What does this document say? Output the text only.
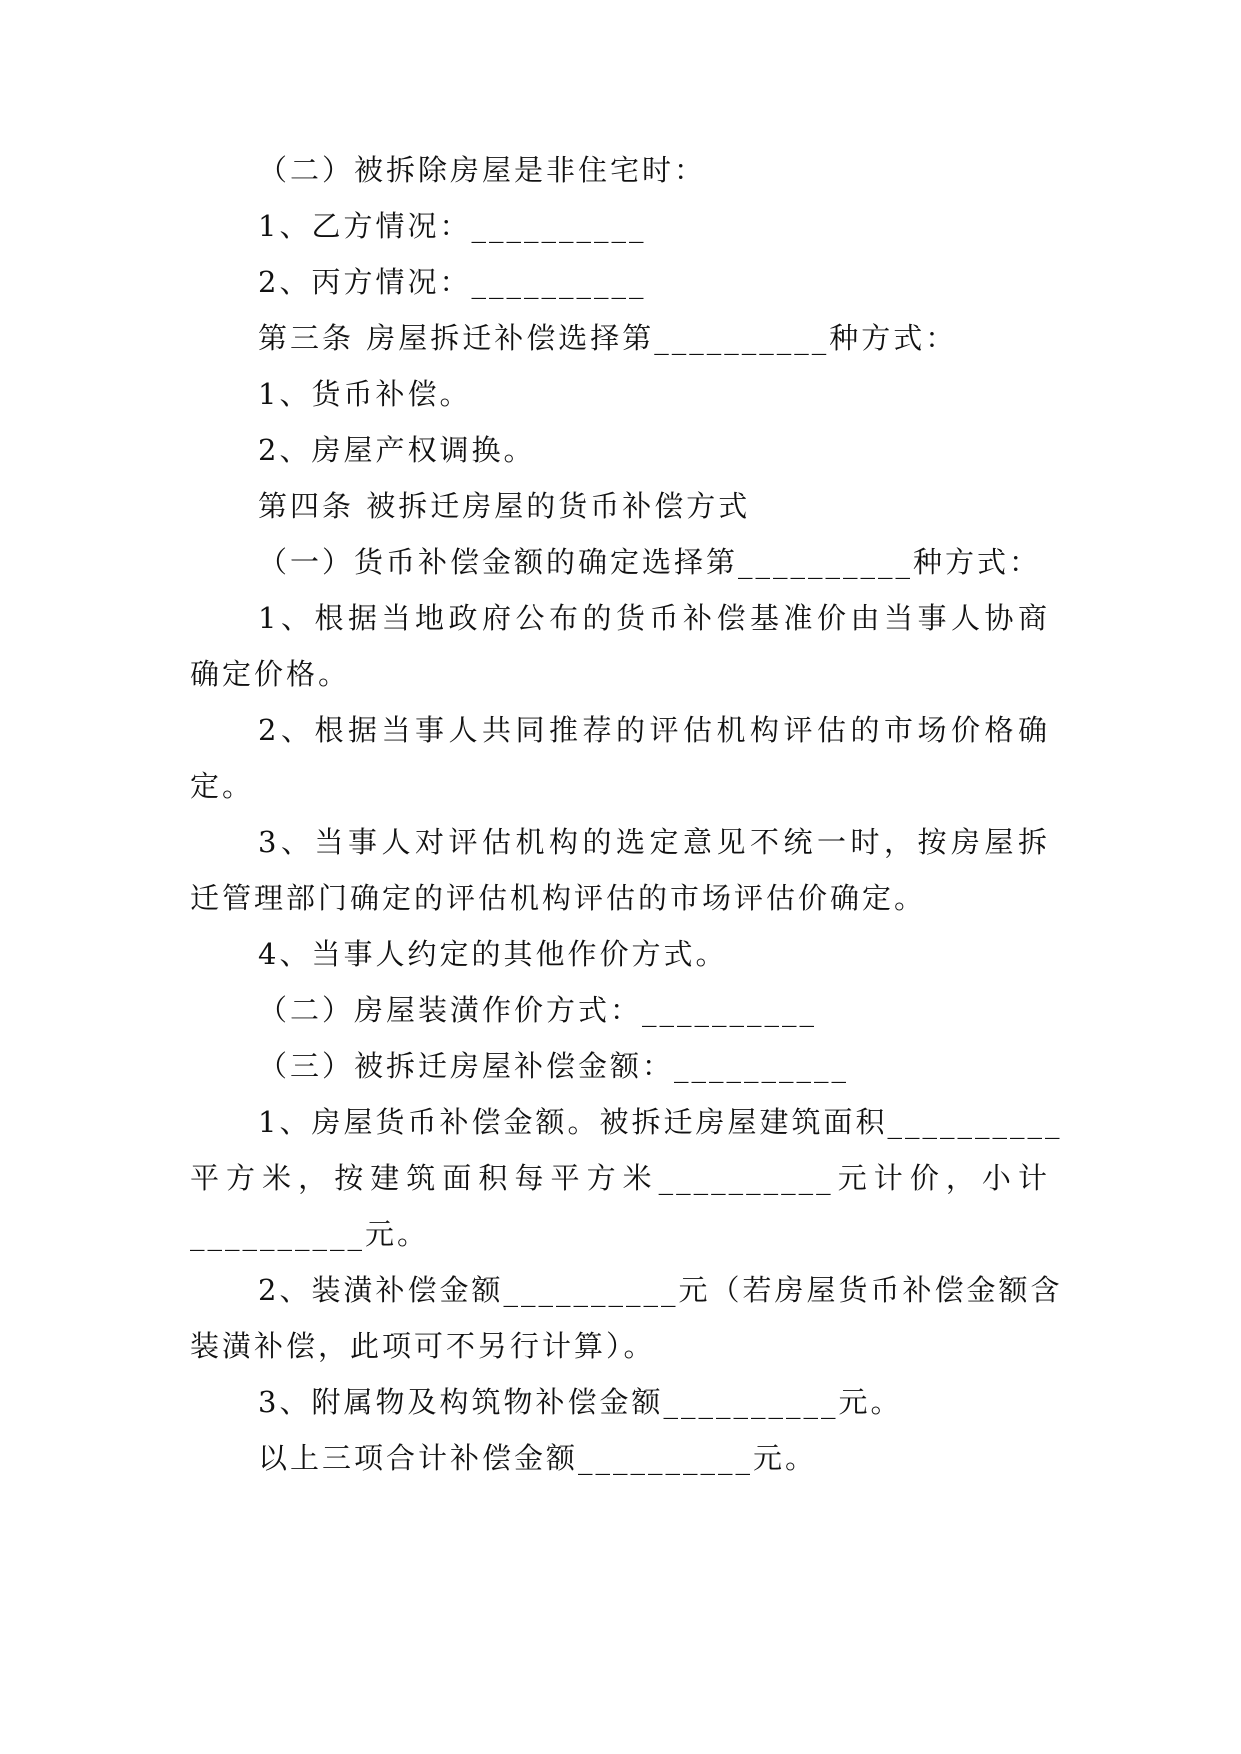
（二）被拆除房屋是非住宅时：
1、乙方情况：__________
2、丙方情况：__________
第三条 房屋拆迁补偿选择第__________种方式：
1、货币补偿。
2、房屋产权调换。
第四条 被拆迁房屋的货币补偿方式
（一）货币补偿金额的确定选择第__________种方式：
1、根据当地政府公布的货币补偿基准价由当事人协商
确定价格。
2、根据当事人共同推荐的评估机构评估的市场价格确
定。
3、当事人对评估机构的选定意见不统一时，按房屋拆
迁管理部门确定的评估机构评估的市场评估价确定。
4、当事人约定的其他作价方式。
（二）房屋装潢作价方式：__________
（三）被拆迁房屋补偿金额：__________
1、房屋货币补偿金额。被拆迁房屋建筑面积__________
平方米，按建筑面积每平方米__________元计价，小计
__________元。
2、装潢补偿金额__________元（若房屋货币补偿金额含
装潢补偿，此项可不另行计算）。
3、附属物及构筑物补偿金额__________元。
以上三项合计补偿金额__________元。
